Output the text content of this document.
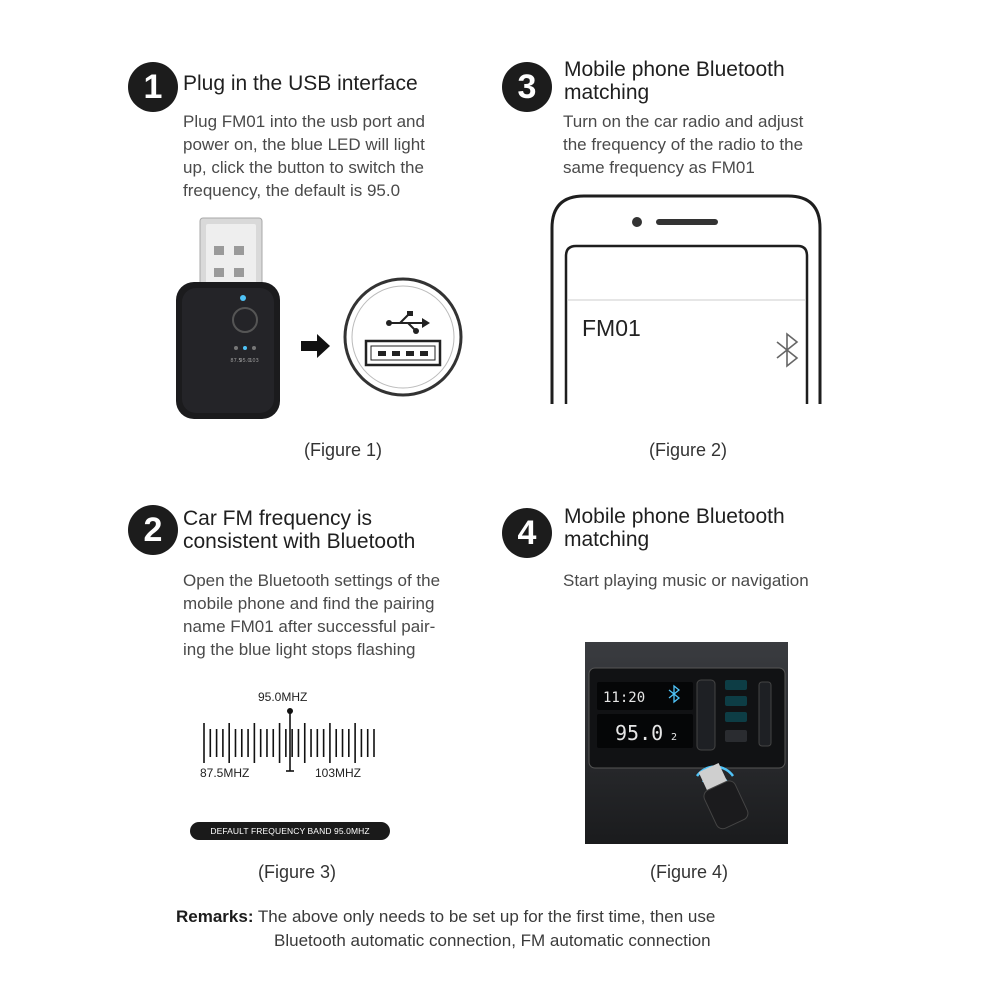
1 Plug in the USB interface
Plug FM01 into the usb port and
power on, the blue LED will light
up, click the button to switch the
frequency, the default is 95.0
87.5
95.0
103
(Figure 1)
3	Mobile phone Bluetooth
matching
Turn on the car radio and adjust
the frequency of the radio to the
same frequency as FM01
FM01
(Figure 2)
2 Car FM frequency is
consistent with Bluetooth
Open the Bluetooth settings of the
mobile phone and find the pairing
name FM01 after successful pair-
ing the blue light stops flashing
95.0MHZ
87.5MHZ	103MHZ
DEFAULT FREQUENCY BAND 95.0MHZ
(Figure 3)
4	Mobile phone Bluetooth
matching
Start playing music or navigation
11:20
95.0 2
(Figure 4)
Remarks: The above only needs to be set up for the first time, then use
Bluetooth automatic connection, FM automatic connection
